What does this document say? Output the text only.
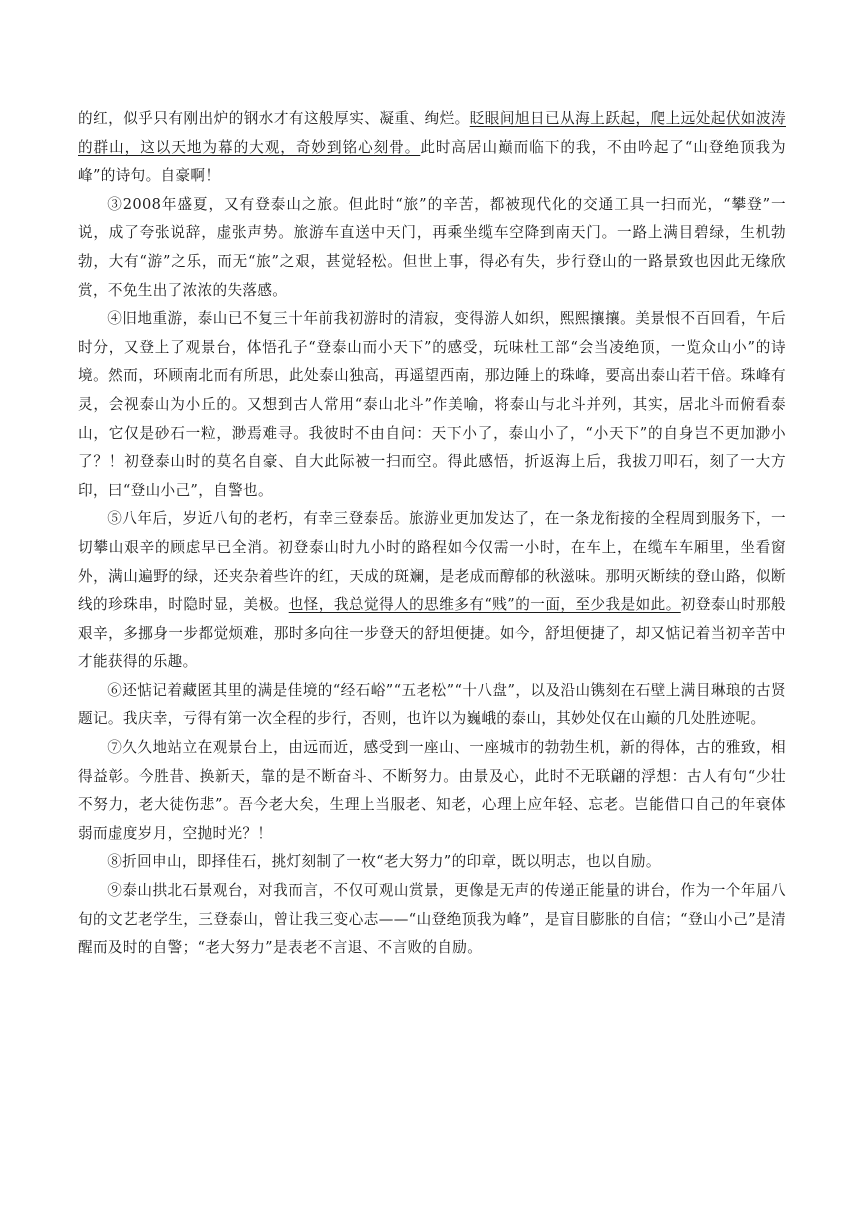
的红，似乎只有刚出炉的钢水才有这般厚实、凝重、绚烂。眨眼间旭日已从海上跃起，爬上远处起伏如波涛的群山，这以天地为幕的大观，奇妙到铭心刻骨。此时高居山巅而临下的我，不由吟起了“山登绝顶我为峰”的诗句。自豪啊！

③2008年盛夏，又有登泰山之旅。但此时“旅”的辛苦，都被现代化的交通工具一扫而光，“攀登”一说，成了夸张说辞，虚张声势。旅游车直送中天门，再乘坐缆车空降到南天门。一路上满目碧绿，生机勃勃，大有“游”之乐，而无“旅”之艰，甚觉轻松。但世上事，得必有失，步行登山的一路景致也因此无缘欣赏，不免生出了浓浓的失落感。

④旧地重游，泰山已不复三十年前我初游时的清寂，变得游人如织，熙熙攘攘。美景恨不百回看，午后时分，又登上了观景台，体悟孔子“登泰山而小天下”的感受，玩味杜工部“会当凌绝顶，一览众山小”的诗境。然而，环顾南北而有所思，此处泰山独高，再遥望西南，那边陲上的珠峰，要高出泰山若干倍。珠峰有灵，会视泰山为小丘的。又想到古人常用“泰山北斗”作美喻，将泰山与北斗并列，其实，居北斗而俯看泰山，它仅是砂石一粒，渺焉难寻。我彼时不由自问：天下小了，泰山小了，“小天下”的自身岂不更加渺小了？！初登泰山时的莫名自豪、自大此际被一扫而空。得此感悟，折返海上后，我拔刀叩石，刻了一大方印，曰“登山小己”，自警也。

⑤八年后，岁近八旬的老朽，有幸三登泰岳。旅游业更加发达了，在一条龙衔接的全程周到服务下，一切攀山艰辛的顾虑早已全消。初登泰山时九小时的路程如今仅需一小时，在车上，在缆车车厢里，坐看窗外，满山遍野的绿，还夹杂着些许的红，天成的斑斓，是老成而醇郁的秋滋味。那明灭断续的登山路，似断线的珍珠串，时隐时显，美极。也怪，我总觉得人的思维多有“贱”的一面，至少我是如此。初登泰山时那般艰辛，多挪身一步都觉烦难，那时多向往一步登天的舒坦便捷。如今，舒坦便捷了，却又惦记着当初辛苦中才能获得的乐趣。

⑥还惦记着藏匿其里的满是佳境的“经石峪”“五老松”“十八盘”，以及沿山镌刻在石壁上满目琳琅的古贤题记。我庆幸，亏得有第一次全程的步行，否则，也许以为巍峨的泰山，其妙处仅在山巅的几处胜迹呢。

⑦久久地站立在观景台上，由远而近，感受到一座山、一座城市的勃勃生机，新的得体，古的雅致，相得益彰。今胜昔、换新天，靠的是不断奋斗、不断努力。由景及心，此时不无联翩的浮想：古人有句“少壮不努力，老大徒伤悲”。吾今老大矣，生理上当服老、知老，心理上应年轻、忘老。岂能借口自己的年衰体弱而虚度岁月，空抛时光？！

⑧折回申山，即择佳石，挑灯刻制了一枚“老大努力”的印章，既以明志，也以自励。

⑨泰山拱北石景观台，对我而言，不仅可观山赏景，更像是无声的传递正能量的讲台，作为一个年届八旬的文艺老学生，三登泰山，曾让我三变心志——“山登绝顶我为峰”，是盲目膨胀的自信；“登山小己”是清醒而及时的自警；“老大努力”是表老不言退、不言败的自励。
